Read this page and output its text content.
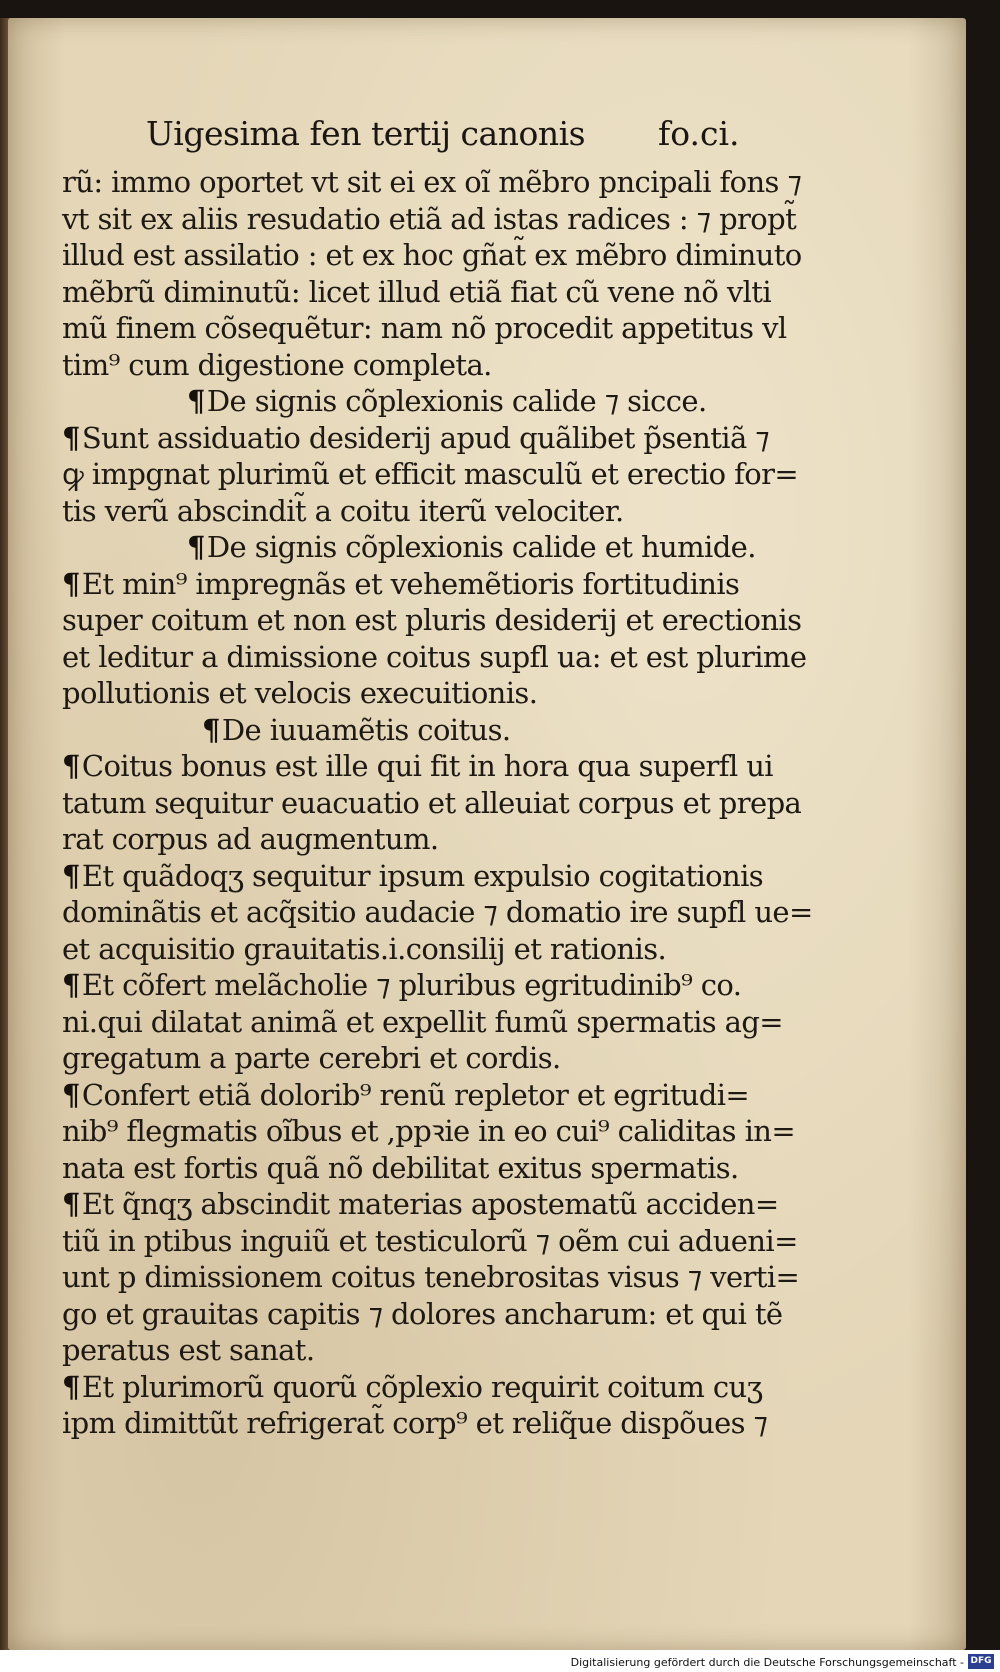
Uigesima fen tertij canonis fo.ci.
rũ: immo oportet vt sit ei ex oĩ mẽbro pncipali fons ⁊
vt sit ex aliis resudatio etiã ad istas radices : ⁊ propt̃
illud est assilatio : et ex hoc gñat̃ ex mẽbro diminuto
mẽbrũ diminutũ: licet illud etiã fiat cũ vene nõ vlti
mũ finem cõsequẽtur: nam nõ procedit appetitus vl
tim⁹ cum digestione completa.
¶De signis cõplexionis calide ⁊ sicce.
¶Sunt assiduatio desiderij apud quãlibet p̃sentiã ⁊
ꝙ impgnat plurimũ et efficit masculũ et erectio for=
tis verũ abscindit̃ a coitu iterũ velociter.
¶De signis cõplexionis calide et humide.
¶Et min⁹ impregnãs et vehemẽtioris fortitudinis
super coitum et non est pluris desiderij et erectionis
et leditur a dimissione coitus supfl ua: et est plurime
pollutionis et velocis execuitionis.
¶De iuuamẽtis coitus.
¶Coitus bonus est ille qui fit in hora qua superfl ui
tatum sequitur euacuatio et alleuiat corpus et prepa
rat corpus ad augmentum.
¶Et quãdoqʒ sequitur ipsum expulsio cogitationis
dominãtis et acq̃sitio audacie ⁊ domatio ire supfl ue=
et acquisitio grauitatis.i.consilij et rationis.
¶Et cõfert melãcholie ⁊ pluribus egritudinib⁹ co.
ni.qui dilatat animã et expellit fumũ spermatis ag=
gregatum a parte cerebri et cordis.
¶Confert etiã dolorib⁹ renũ repletor et egritudi=
nib⁹ flegmatis oĩbus et ,ppꝛie in eo cui⁹ caliditas in=
nata est fortis quã nõ debilitat exitus spermatis.
¶Et q̃nqʒ abscindit materias apostematũ acciden=
tiũ in ptibus inguiũ et testiculorũ ⁊ oẽm cui adueni=
unt p dimissionem coitus tenebrositas visus ⁊ verti=
go et grauitas capitis ⁊ dolores ancharum: et qui tẽ
peratus est sanat.
¶Et plurimorũ quorũ cõplexio requirit coitum cuʒ
ipm dimittũt refrigerat̃ corp⁹ et reliq̃ue dispõues ⁊
Digitalisierung gefördert durch die Deutsche Forschungsgemeinschaft - DFG
